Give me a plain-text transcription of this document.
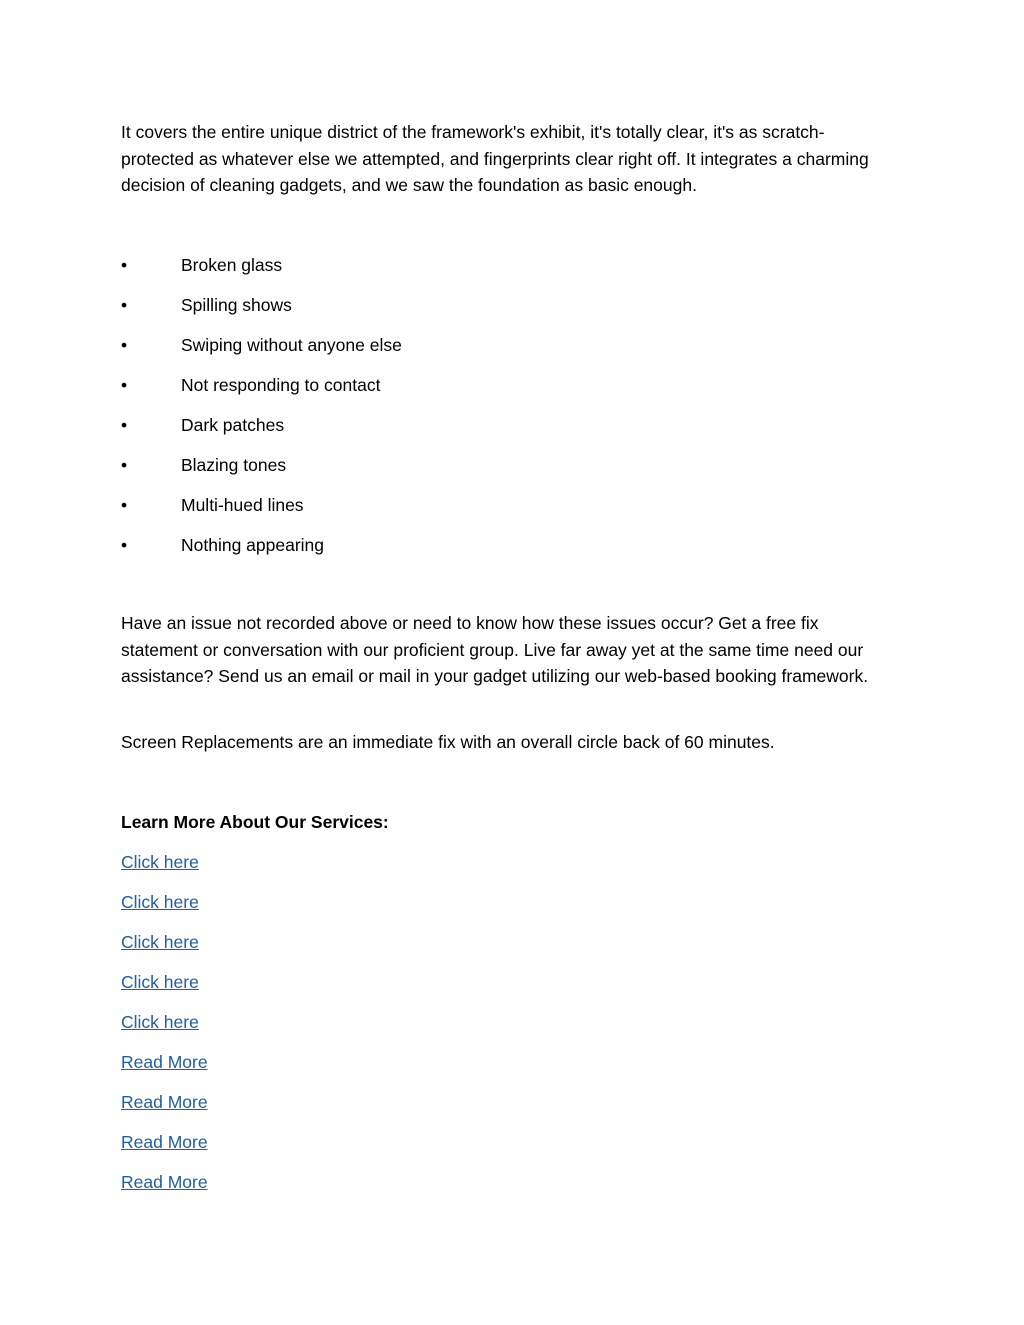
It covers the entire unique district of the framework's exhibit, it's totally clear, it's as scratch-protected as whatever else we attempted, and fingerprints clear right off. It integrates a charming decision of cleaning gadgets, and we saw the foundation as basic enough.

•	Broken glass
•	Spilling shows
•	Swiping without anyone else
•	Not responding to contact
•	Dark patches
•	Blazing tones
•	Multi-hued lines
•	Nothing appearing

Have an issue not recorded above or need to know how these issues occur? Get a free fix statement or conversation with our proficient group. Live far away yet at the same time need our assistance? Send us an email or mail in your gadget utilizing our web-based booking framework.

Screen Replacements are an immediate fix with an overall circle back of 60 minutes.

Learn More About Our Services:
Click here
Click here
Click here
Click here
Click here
Read More
Read More
Read More
Read More
